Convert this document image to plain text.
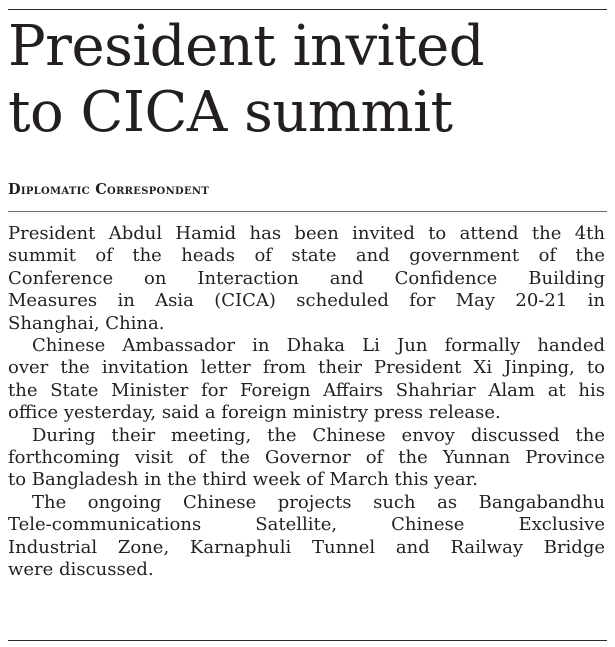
President invited
to CICA summit
Diplomatic Correspondent

President Abdul Hamid has been invited to attend the 4th
summit of the heads of state and government of the
Conference on Interaction and Confidence Building
Measures in Asia (CICA) scheduled for May 20-21 in
Shanghai, China.

Chinese Ambassador in Dhaka Li Jun formally handed
over the invitation letter from their President Xi Jinping, to
the State Minister for Foreign Affairs Shahriar Alam at his
office yesterday, said a foreign ministry press release.

During their meeting, the Chinese envoy discussed the
forthcoming visit of the Governor of the Yunnan Province
to Bangladesh in the third week of March this year.

The ongoing Chinese projects such as Bangabandhu
Tele-communications Satellite, Chinese Exclusive
Industrial Zone, Karnaphuli Tunnel and Railway Bridge
were discussed.
